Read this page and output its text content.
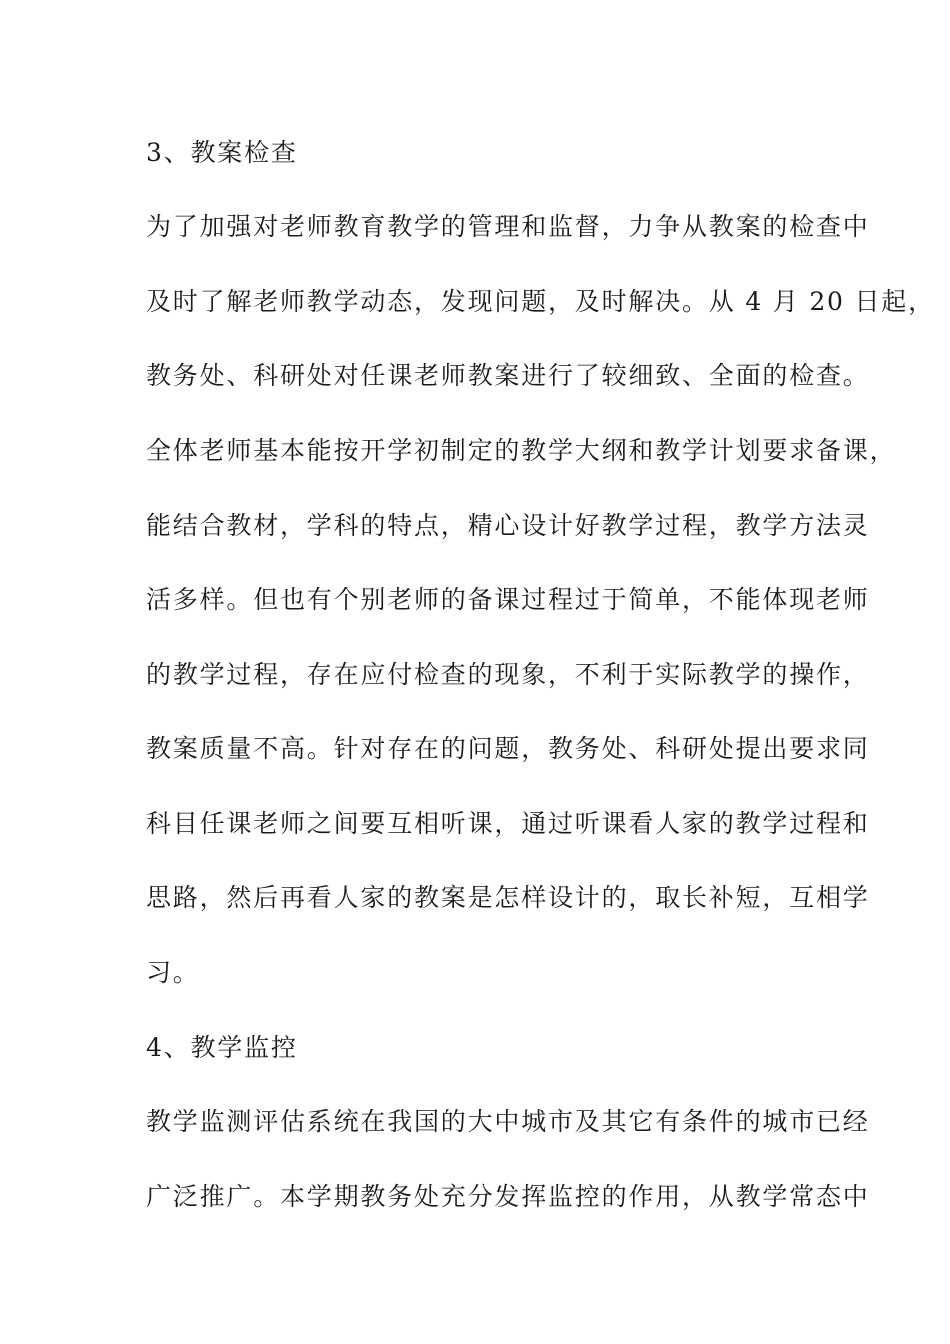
3、教案检查
为了加强对老师教育教学的管理和监督，力争从教案的检查中
及时了解老师教学动态，发现问题，及时解决。从 4 月 20 日起，
教务处、科研处对任课老师教案进行了较细致、全面的检查。
全体老师基本能按开学初制定的教学大纲和教学计划要求备课，
能结合教材，学科的特点，精心设计好教学过程，教学方法灵
活多样。但也有个别老师的备课过程过于简单，不能体现老师
的教学过程，存在应付检查的现象，不利于实际教学的操作，
教案质量不高。针对存在的问题，教务处、科研处提出要求同
科目任课老师之间要互相听课，通过听课看人家的教学过程和
思路，然后再看人家的教案是怎样设计的，取长补短，互相学
习。
4、教学监控
教学监测评估系统在我国的大中城市及其它有条件的城市已经
广泛推广。本学期教务处充分发挥监控的作用，从教学常态中
